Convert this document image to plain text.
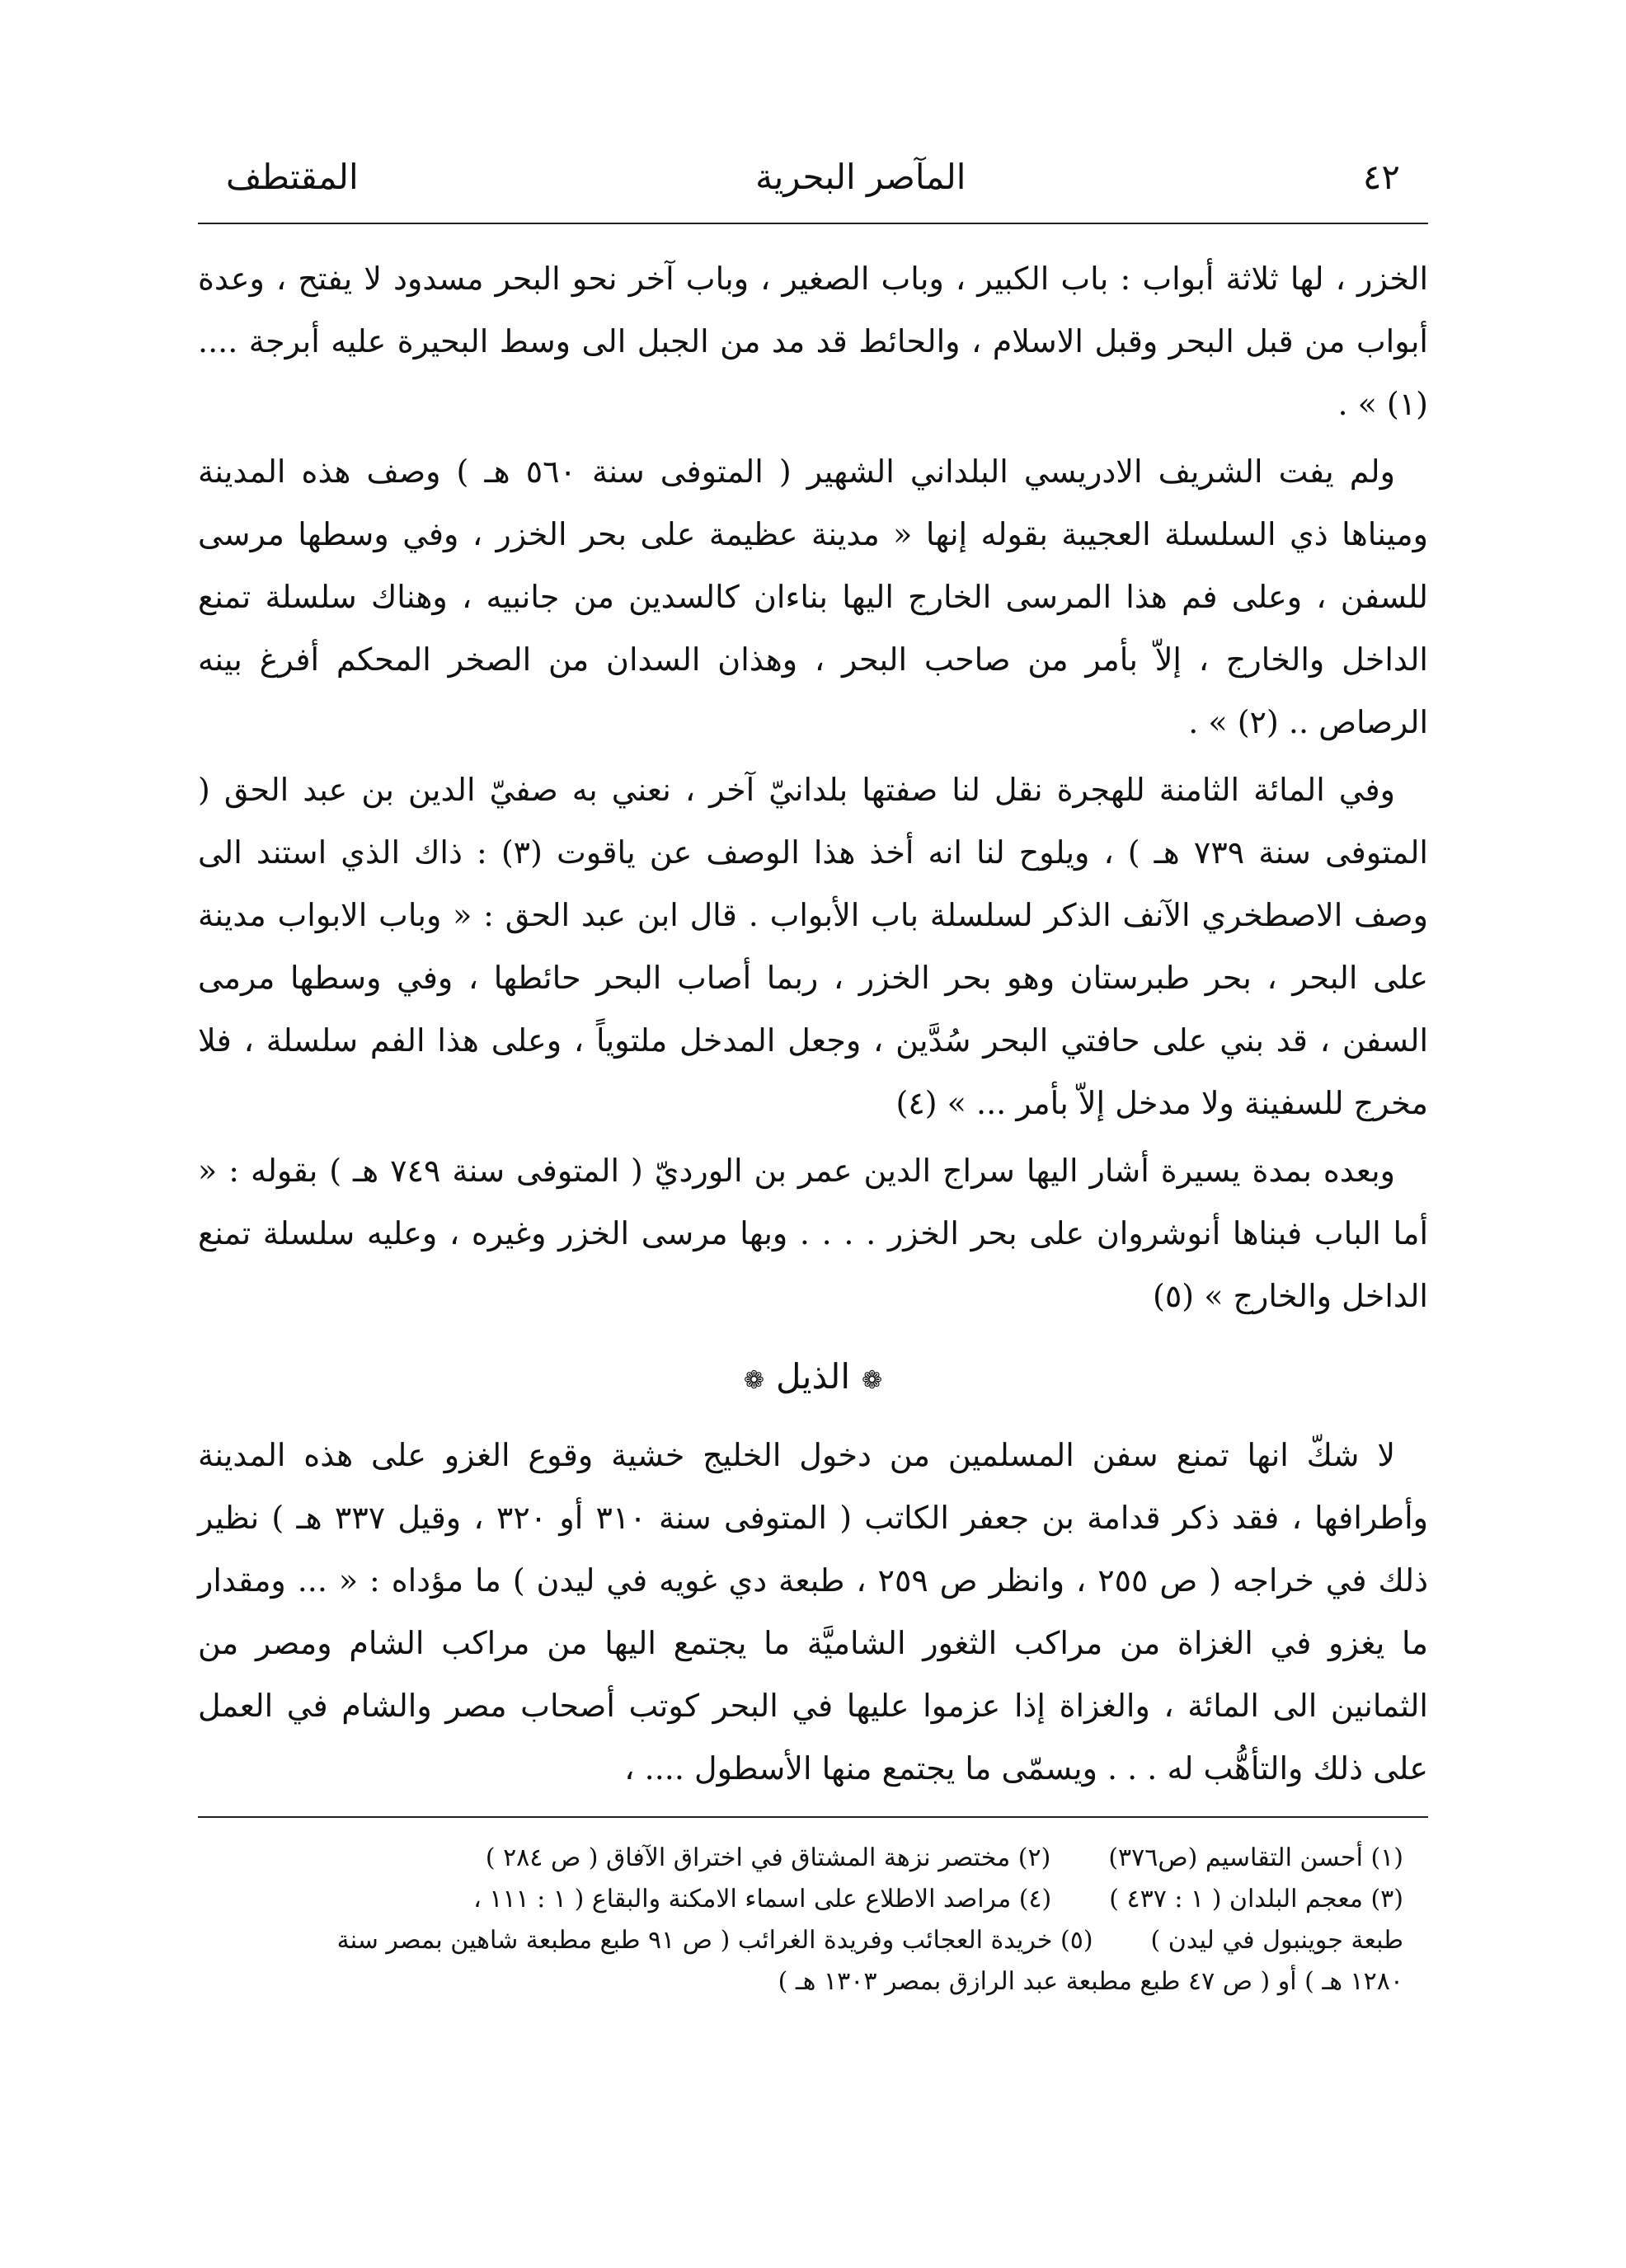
٤٢
المآصر البحرية
المقتطف

الخزر ، لها ثلاثة أبواب : باب الكبير ، وباب الصغير ، وباب آخر نحو البحر مسدود لا يفتح ، وعدة أبواب من قبل البحر وقبل الاسلام ، والحائط قد مد من الجبل الى وسط البحيرة عليه أبرجة .... (١) » .

ولم يفت الشريف الادريسي البلداني الشهير ( المتوفى سنة ٥٦٠ هـ ) وصف هذه المدينة وميناها ذي السلسلة العجيبة بقوله إنها « مدينة عظيمة على بحر الخزر ، وفي وسطها مرسى للسفن ، وعلى فم هذا المرسى الخارج اليها بناءان كالسدين من جانبيه ، وهناك سلسلة تمنع الداخل والخارج ، إلاّ بأمر من صاحب البحر ، وهذان السدان من الصخر المحكم أفرغ بينه الرصاص .. (٢) » .

وفي المائة الثامنة للهجرة نقل لنا صفتها بلدانيّ آخر ، نعني به صفيّ الدين بن عبد الحق ( المتوفى سنة ٧٣٩ هـ ) ، ويلوح لنا انه أخذ هذا الوصف عن ياقوت (٣) : ذاك الذي استند الى وصف الاصطخري الآنف الذكر لسلسلة باب الأبواب . قال ابن عبد الحق : « وباب الابواب مدينة على البحر ، بحر طبرستان وهو بحر الخزر ، ربما أصاب البحر حائطها ، وفي وسطها مرمى السفن ، قد بني على حافتي البحر سُدَّين ، وجعل المدخل ملتوياً ، وعلى هذا الفم سلسلة ، فلا مخرج للسفينة ولا مدخل إلاّ بأمر ... » (٤)

وبعده بمدة يسيرة أشار اليها سراج الدين عمر بن الورديّ ( المتوفى سنة ٧٤٩ هـ ) بقوله : « أما الباب فبناها أنوشروان على بحر الخزر . . . . وبها مرسى الخزر وغيره ، وعليه سلسلة تمنع الداخل والخارج » (٥)

❁الذيل❁

لا شكّ انها تمنع سفن المسلمين من دخول الخليج خشية وقوع الغزو على هذه المدينة وأطرافها ، فقد ذكر قدامة بن جعفر الكاتب ( المتوفى سنة ٣١٠ أو ٣٢٠ ، وقيل ٣٣٧ هـ ) نظير ذلك في خراجه ( ص ٢٥٥ ، وانظر ص ٢٥٩ ، طبعة دي غويه في ليدن ) ما مؤداه : « ... ومقدار ما يغزو في الغزاة من مراكب الثغور الشاميَّة ما يجتمع اليها من مراكب الشام ومصر من الثمانين الى المائة ، والغزاة إذا عزموا عليها في البحر كوتب أصحاب مصر والشام في العمل على ذلك والتأهُّب له . . . ويسمّى ما يجتمع منها الأسطول .... ،

(١) أحسن التقاسيم (ص٣٧٦)(٢) مختصر نزهة المشتاق في اختراق الآفاق ( ص ٢٨٤ )
(٣) معجم البلدان ( ١ : ٤٣٧ )(٤) مراصد الاطلاع على اسماء الامكنة والبقاع ( ١ : ١١١ ،
طبعة جوينبول في ليدن )(٥) خريدة العجائب وفريدة الغرائب ( ص ٩١ طبع مطبعة شاهين بمصر سنة
١٢٨٠ هـ ) أو ( ص ٤٧ طبع مطبعة عبد الرازق بمصر ١٣٠٣ هـ )
